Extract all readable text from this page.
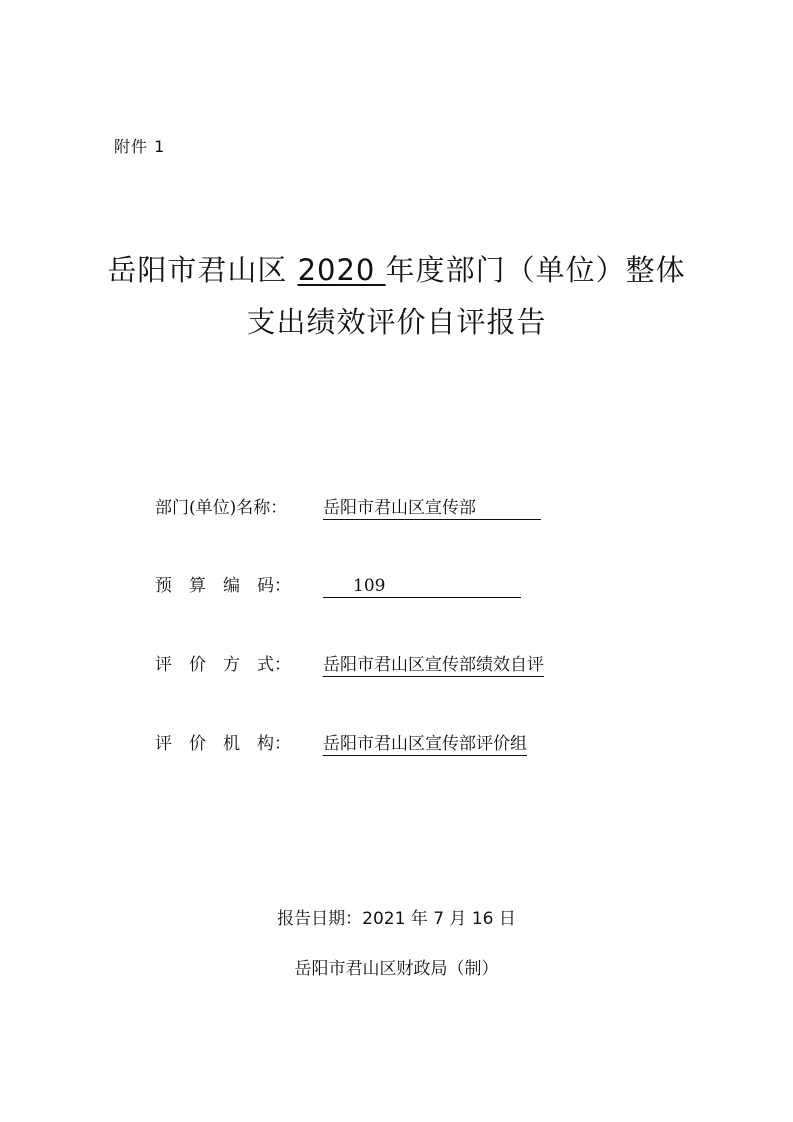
附件 1
岳阳市君山区 2020 年度部门（单位）整体
支出绩效评价自评报告
部门(单位)名称： 岳阳市君山区宣传部
预　算　编　码：	109
评　价　方　式： 岳阳市君山区宣传部绩效自评
评　价　机　构： 岳阳市君山区宣传部评价组
报告日期：2021 年 7 月 16 日
岳阳市君山区财政局（制）
